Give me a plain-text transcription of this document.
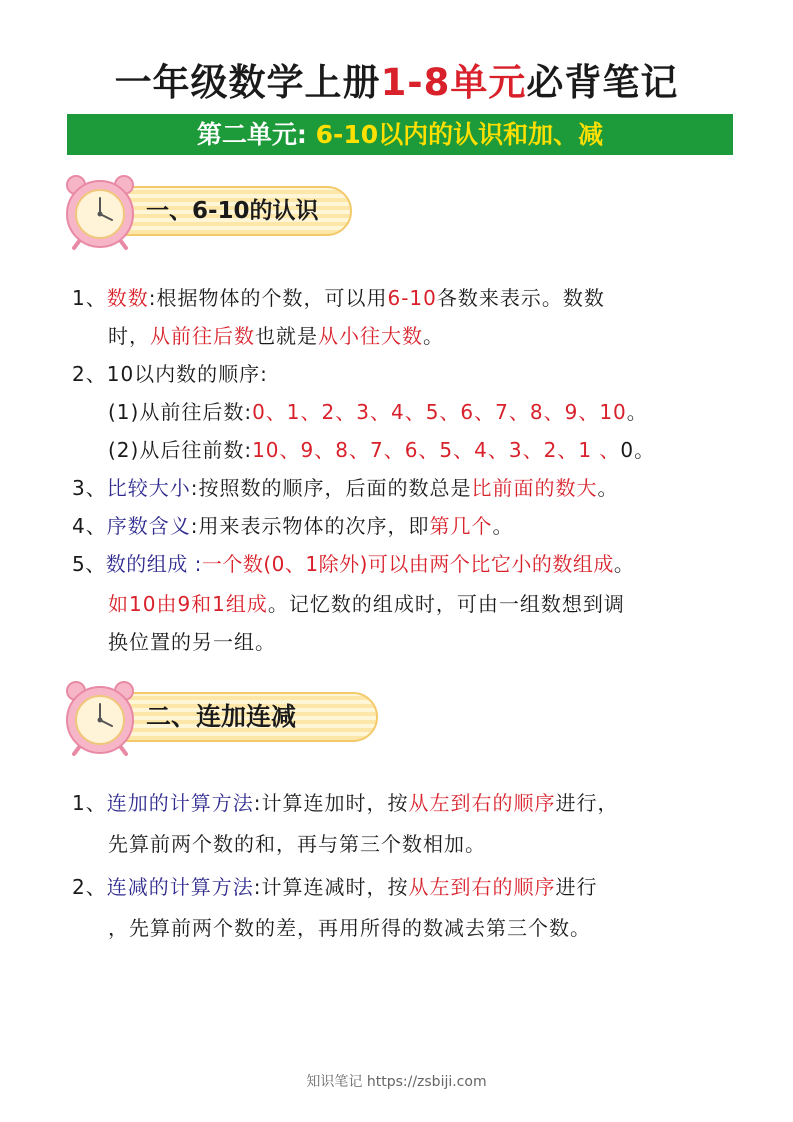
一年级数学上册1-8单元必背笔记
第二单元: 6-10以内的认识和加、减
一、6-10的认识
1、数数:根据物体的个数，可以用6-10各数来表示。数数
时，从前往后数也就是从小往大数。
2、10以内数的顺序:
(1)从前往后数:0、1、2、3、4、5、6、7、8、9、10。
(2)从后往前数:10、9、8、7、6、5、4、3、2、1 、0。
3、比较大小:按照数的顺序，后面的数总是比前面的数大。
4、序数含义:用来表示物体的次序，即第几个。
5、数的组成 :一个数(0、1除外)可以由两个比它小的数组成。
如10由9和1组成。记忆数的组成时，可由一组数想到调
换位置的另一组。
二、连加连减
1、连加的计算方法:计算连加时，按从左到右的顺序进行，
先算前两个数的和，再与第三个数相加。
2、连减的计算方法:计算连减时，按从左到右的顺序进行
，先算前两个数的差，再用所得的数减去第三个数。
知识笔记 https://zsbiji.com
